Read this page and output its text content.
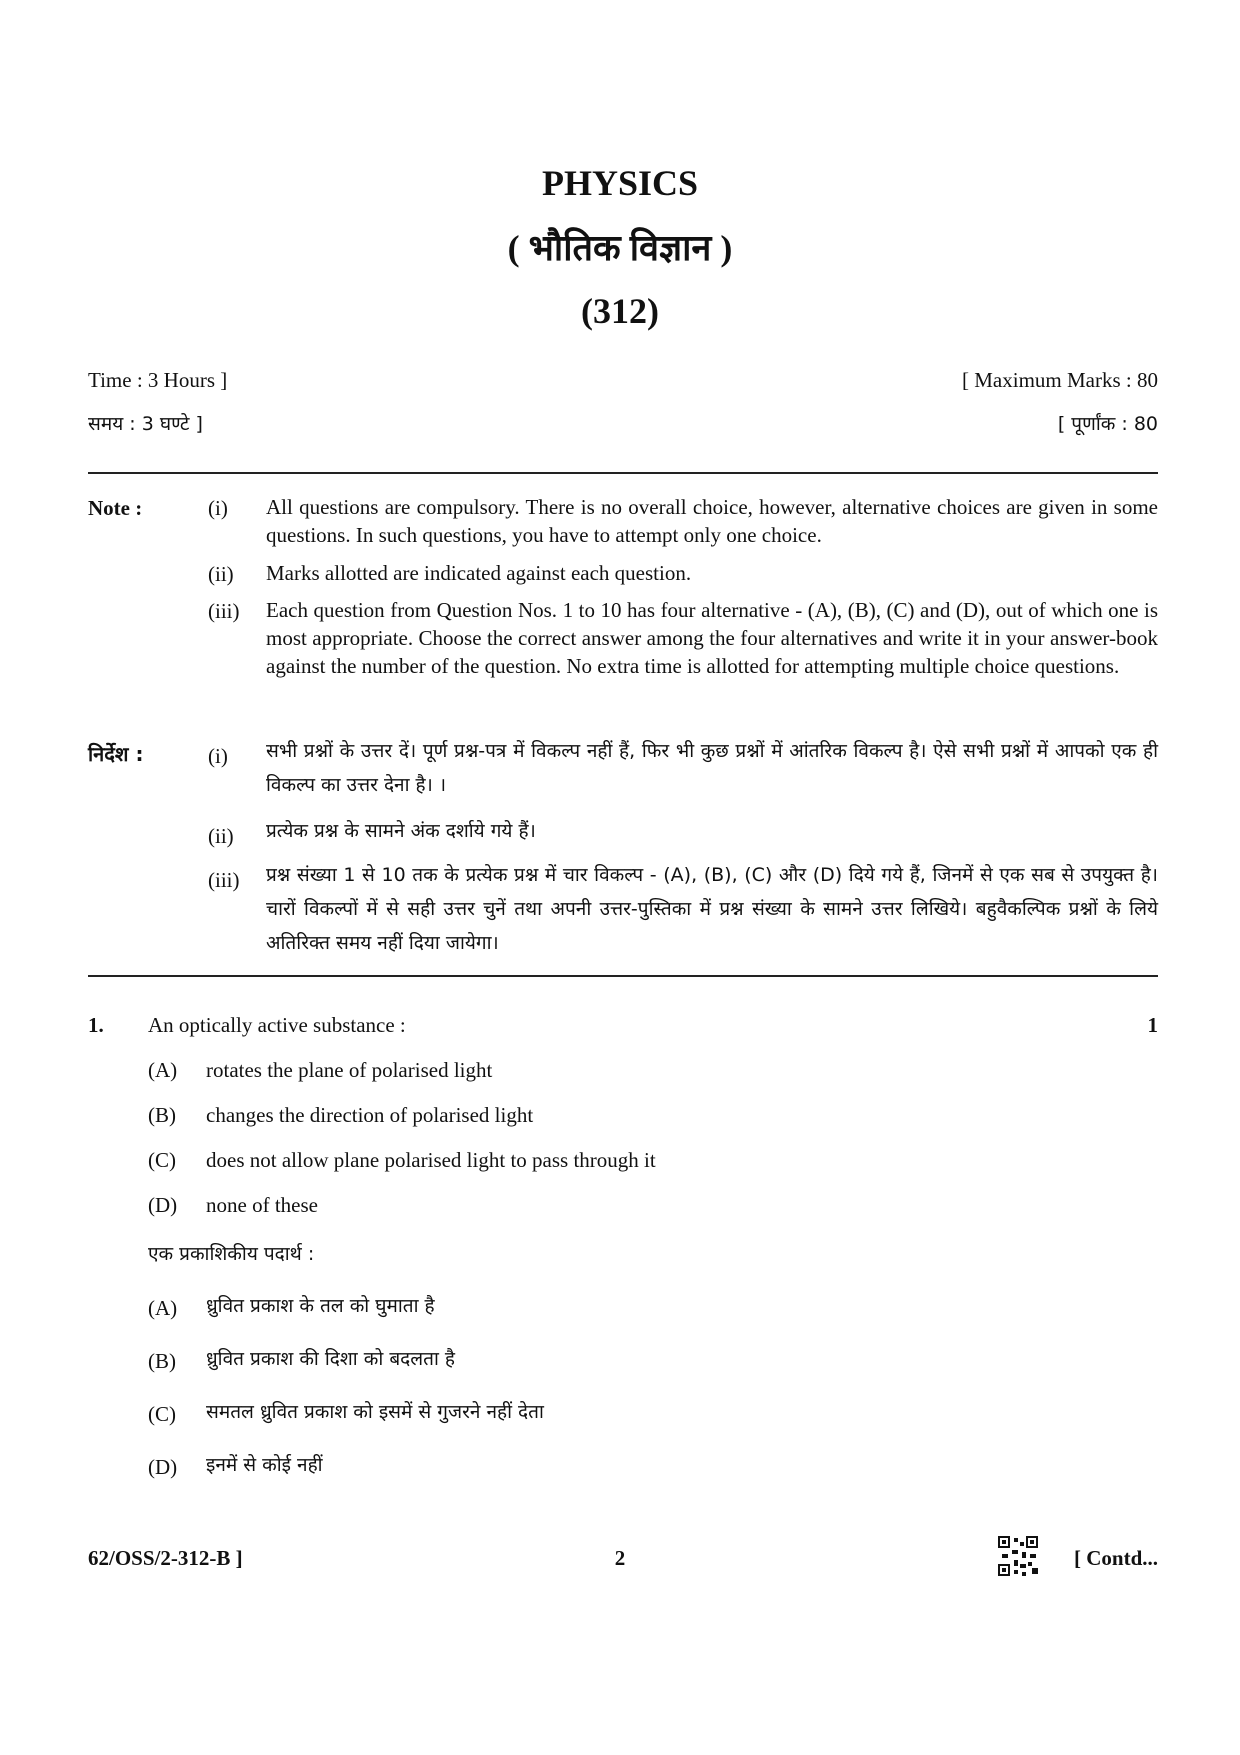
PHYSICS
( भौतिक विज्ञान )
(312)
Time : 3 Hours ]	[ Maximum Marks : 80
समय : 3 घण्टे ]	[ पूर्णांक : 80
Note :	(i) All questions are compulsory. There is no overall choice, however, alternative choices are given in some questions. In such questions, you have to attempt only one choice.
(ii) Marks allotted are indicated against each question.
(iii) Each question from Question Nos. 1 to 10 has four alternative - (A), (B), (C) and (D), out of which one is most appropriate. Choose the correct answer among the four alternatives and write it in your answer-book against the number of the question. No extra time is allotted for attempting multiple choice questions.
निर्देश :	(i) सभी प्रश्नों के उत्तर दें। पूर्ण प्रश्न-पत्र में विकल्प नहीं हैं, फिर भी कुछ प्रश्नों में आंतरिक विकल्प है। ऐसे सभी प्रश्नों में आपको एक ही विकल्प का उत्तर देना है। ।
(ii) प्रत्येक प्रश्न के सामने अंक दर्शाये गये हैं।
(iii) प्रश्न संख्या 1 से 10 तक के प्रत्येक प्रश्न में चार विकल्प - (A), (B), (C) और (D) दिये गये हैं, जिनमें से एक सब से उपयुक्त है। चारों विकल्पों में से सही उत्तर चुनें तथा अपनी उत्तर-पुस्तिका में प्रश्न संख्या के सामने उत्तर लिखिये। बहुवैकल्पिक प्रश्नों के लिये अतिरिक्त समय नहीं दिया जायेगा।
1. An optically active substance :	1
(A) rotates the plane of polarised light
(B) changes the direction of polarised light
(C) does not allow plane polarised light to pass through it
(D) none of these
एक प्रकाशिकीय पदार्थ :
(A) ध्रुवित प्रकाश के तल को घुमाता है
(B) ध्रुवित प्रकाश की दिशा को बदलता है
(C) समतल ध्रुवित प्रकाश को इसमें से गुजरने नहीं देता
(D) इनमें से कोई नहीं
62/OSS/2-312-B ]	2	[ Contd...
